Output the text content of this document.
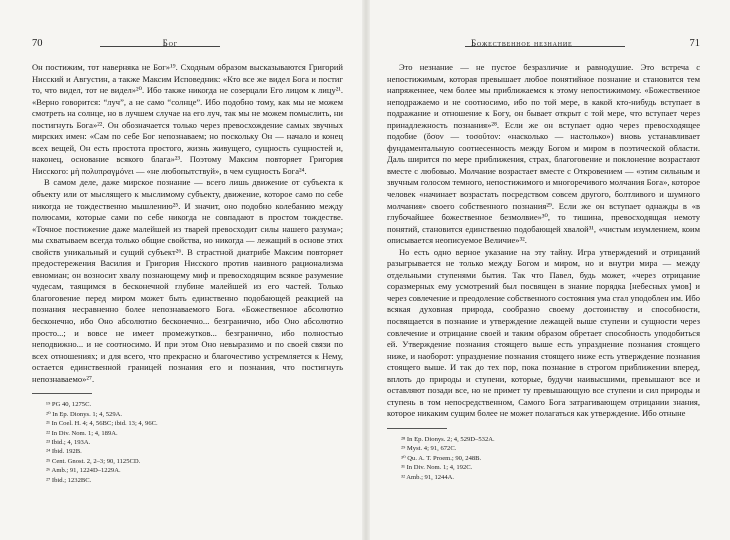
70	Бог

Он постижим, тот наверняка не Бог»¹⁹. Сходным образом высказываются Григорий Нисский и Августин, а также Максим Исповедник: «Кто все же видел Бога и постиг то, что видел, тот не видел»²⁰. Ибо также никогда не созерцали Его лицом к лицу²¹. «Верно говорится: “луч”, а не само “солнце”. Ибо подобно тому, как мы не можем смотреть на солнце, но в лучшем случае на его луч, так мы не можем помыслить, ни постигнуть Бога»²². Он обозначается только через превосхождение самых звучных мирских имен: «Сам по себе Бог непознаваем; но поскольку Он — начало и конец всех вещей, Он есть простота простого, жизнь живущего, сущность сущностей и, наконец, основание всякого блага»²³. Поэтому Максим повторяет Григория Нисского: μὴ πολυπραγμόνει — «не любопытствуй», в чем сущность Бога²⁴.

В самом деле, даже мирское познание — всего лишь движение от субъекта к объекту или от мыслящего к мыслимому субъекту, движение, которое само по себе никогда не тождественно мышлению²⁵. И значит, оно подобно колебанию между полюсами, которые сами по себе никогда не совпадают в простом тождестве. «Точное постижение даже малейшей из тварей превосходит силы нашего разума»; мы схватываем всегда только общие свойства, но никогда — лежащий в основе этих свойств уникальный и сущий субъект²⁶. В страстной диатрибе Максим повторяет предостережения Василия и Григория Нисского против наивного рационализма евномиан; он возносит хвалу познающему миф и превосходящим всякое разумение чудесам, таящимся в бесконечной глубине малейшей из его частей. Только благоговение перед миром может быть единственно подобающей реакцией на познания несравненно более непознаваемого Бога. «Божественное абсолютно бесконечно, ибо Оно абсолютно бесконечно... безгранично, ибо Оно абсолютно просто...; и вовсе не имеет промежутков... безгранично, ибо полностью неподвижно... и не соотносимо. И при этом Оно невыразимо и по своей связи по всех отношениях; и для всего, что прекрасно и благочестиво устремляется к Нему, остается единственной границей познания его и познания, что постигнуть непознаваемо»²⁷.

¹⁹ PG 40, 1275C.
²⁰ In Ep. Dionys. 1; 4, 529A.
²¹ In Coel. H. 4; 4, 56BC; ibid. 13; 4, 96C.
²² In Div. Nom. 1; 4, 189A.
²³ Ibid.; 4, 193A.
²⁴ Ibid. 192B.
²⁵ Cent. Gnost. 2, 2–3; 90, 1125CD.
²⁶ Amb.; 91, 1224D–1229A.
²⁷ Ibid.; 1232BC.
Божественное незнание	71

Это незнание — не пустое безразличие и равнодушие. Это встреча с непостижимым, которая превышает любое понятийное познание и становится тем напряженнее, чем более мы приближаемся к этому непостижимому. «Божественное неподражаемо и не соотносимо, ибо по той мере, в какой кто-нибудь вступает в подражание и отношение к Богу, он бывает открыт с той мере, что вступает через принадлежность познания»²⁸. Если же он вступает одно через превосходящее подобие (ὅσον — τοσοῦτον: «насколько — настолько») вновь устанавливает фундаментальную соотнесенность между Богом и миром в поэтической области. Даль ширится по мере приближения, страх, благоговение и поклонение возрастают вместе с любовью. Молчание возрастает вместе с Откровением — «этим сильным и звучным голосом темного, непостижимого и многоречивого молчания Бога», которое человек «начинает возрастать посредством совсем другого, болтливого и шумного молчания» своего собственного познания²⁹. Если же он вступает однажды в «в глубочайшее божественное безмолвие»³⁰, то тишина, превосходящая немоту понятий, становится единственно подобающей хвалой³¹, «чистым изумлением, коим описывается неописуемое Величие»³².

Но есть одно верное указание на эту тайну. Игра утверждений и отрицаний разыгрывается не только между Богом и миром, но и внутри мира — между отдельными ступенями бытия. Так что Павел, будь может, «через отрицание соразмерных ему усмотрений был посвящен в знание порядка [небесных умов] и через совлечение и преодоление собственного состояния ума стал уподоблен им. Ибо всякая духовная природа, сообразно своему достоинству и способности, посвящается в познание и утверждение лежащей выше ступени и сущности через совлечение и отрицание своей и таким образом обретает способность уподобиться ей. Утверждение познания стоящего выше есть упразднение познания стоящего ниже, и наоборот: упразднение познания стоящего ниже есть утверждение познания стоящего выше. И так до тех пор, пока познание в строгом приближении вперед, вплоть до природы и ступени, которые, будучи наивысшими, превышают все и оставляют позади все, но не примет ту превышающую все ступени и сил природы и ступень в том непосредственном, Самого Бога затрагивающем отрицании знания, которое никаким сущим более не может полагаться как утверждение. Ибо отныне

²⁸ In Ep. Dionys. 2; 4, 529D–532A.
²⁹ Myst. 4; 91, 672C.
³⁰ Qu. A. T. Proem.; 90, 248B.
³¹ In Div. Nom. 1; 4, 192C.
³² Amb.; 91, 1244A.
